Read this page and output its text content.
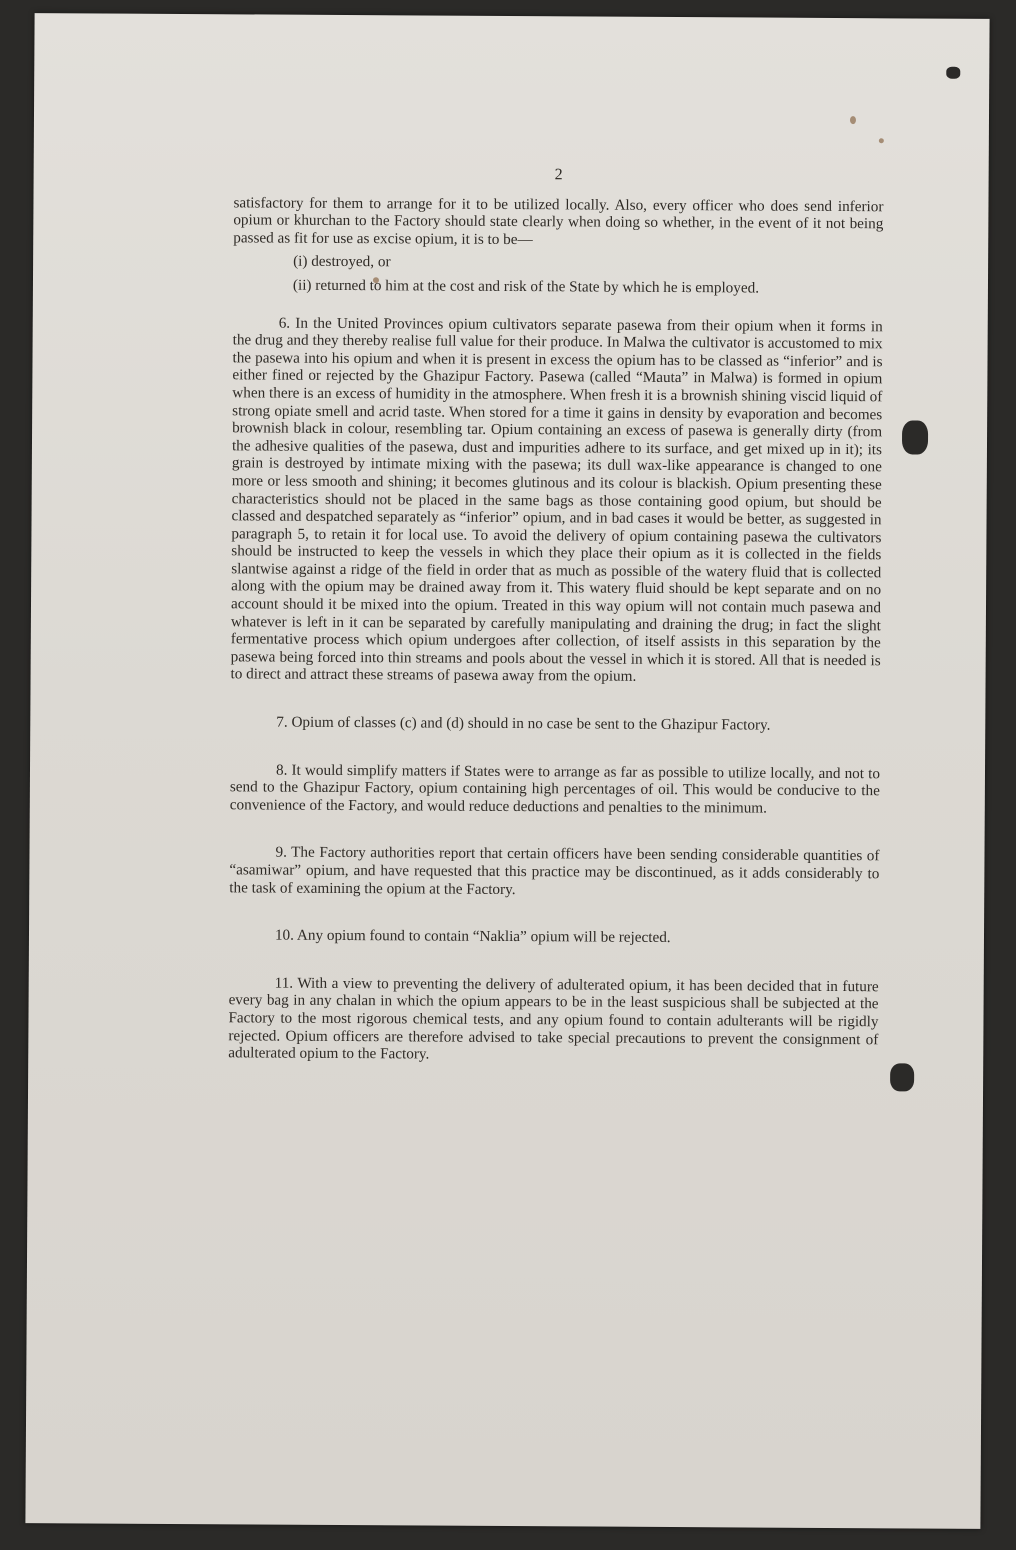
2

satisfactory for them to arrange for it to be utilized locally. Also, every officer who does send inferior opium or khurchan to the Factory should state clearly when doing so whether, in the event of it not being passed as fit for use as excise opium, it is to be—

(i) destroyed, or

(ii) returned to him at the cost and risk of the State by which he is employed.

6. In the United Provinces opium cultivators separate pasewa from their opium when it forms in the drug and they thereby realise full value for their produce. In Malwa the cultivator is accustomed to mix the pasewa into his opium and when it is present in excess the opium has to be classed as “inferior” and is either fined or rejected by the Ghazipur Factory. Pasewa (called “Mauta” in Malwa) is formed in opium when there is an excess of humidity in the atmosphere. When fresh it is a brownish shining viscid liquid of strong opiate smell and acrid taste. When stored for a time it gains in density by evaporation and becomes brownish black in colour, resembling tar. Opium containing an excess of pasewa is generally dirty (from the adhesive qualities of the pasewa, dust and impurities adhere to its surface, and get mixed up in it); its grain is destroyed by intimate mixing with the pasewa; its dull wax-like appearance is changed to one more or less smooth and shining; it becomes glutinous and its colour is blackish. Opium presenting these characteristics should not be placed in the same bags as those containing good opium, but should be classed and despatched separately as “inferior” opium, and in bad cases it would be better, as suggested in paragraph 5, to retain it for local use. To avoid the delivery of opium containing pasewa the cultivators should be instructed to keep the vessels in which they place their opium as it is collected in the fields slantwise against a ridge of the field in order that as much as possible of the watery fluid that is collected along with the opium may be drained away from it. This watery fluid should be kept separate and on no account should it be mixed into the opium. Treated in this way opium will not contain much pasewa and whatever is left in it can be separated by carefully manipulating and draining the drug; in fact the slight fermentative process which opium undergoes after collection, of itself assists in this separation by the pasewa being forced into thin streams and pools about the vessel in which it is stored. All that is needed is to direct and attract these streams of pasewa away from the opium.

7. Opium of classes (c) and (d) should in no case be sent to the Ghazipur Factory.

8. It would simplify matters if States were to arrange as far as possible to utilize locally, and not to send to the Ghazipur Factory, opium containing high percentages of oil. This would be conducive to the convenience of the Factory, and would reduce deductions and penalties to the minimum.

9. The Factory authorities report that certain officers have been sending considerable quantities of “asamiwar” opium, and have requested that this practice may be discontinued, as it adds considerably to the task of examining the opium at the Factory.

10. Any opium found to contain “Naklia” opium will be rejected.

11. With a view to preventing the delivery of adulterated opium, it has been decided that in future every bag in any chalan in which the opium appears to be in the least suspicious shall be subjected at the Factory to the most rigorous chemical tests, and any opium found to contain adulterants will be rigidly rejected. Opium officers are therefore advised to take special precautions to prevent the consignment of adulterated opium to the Factory.
